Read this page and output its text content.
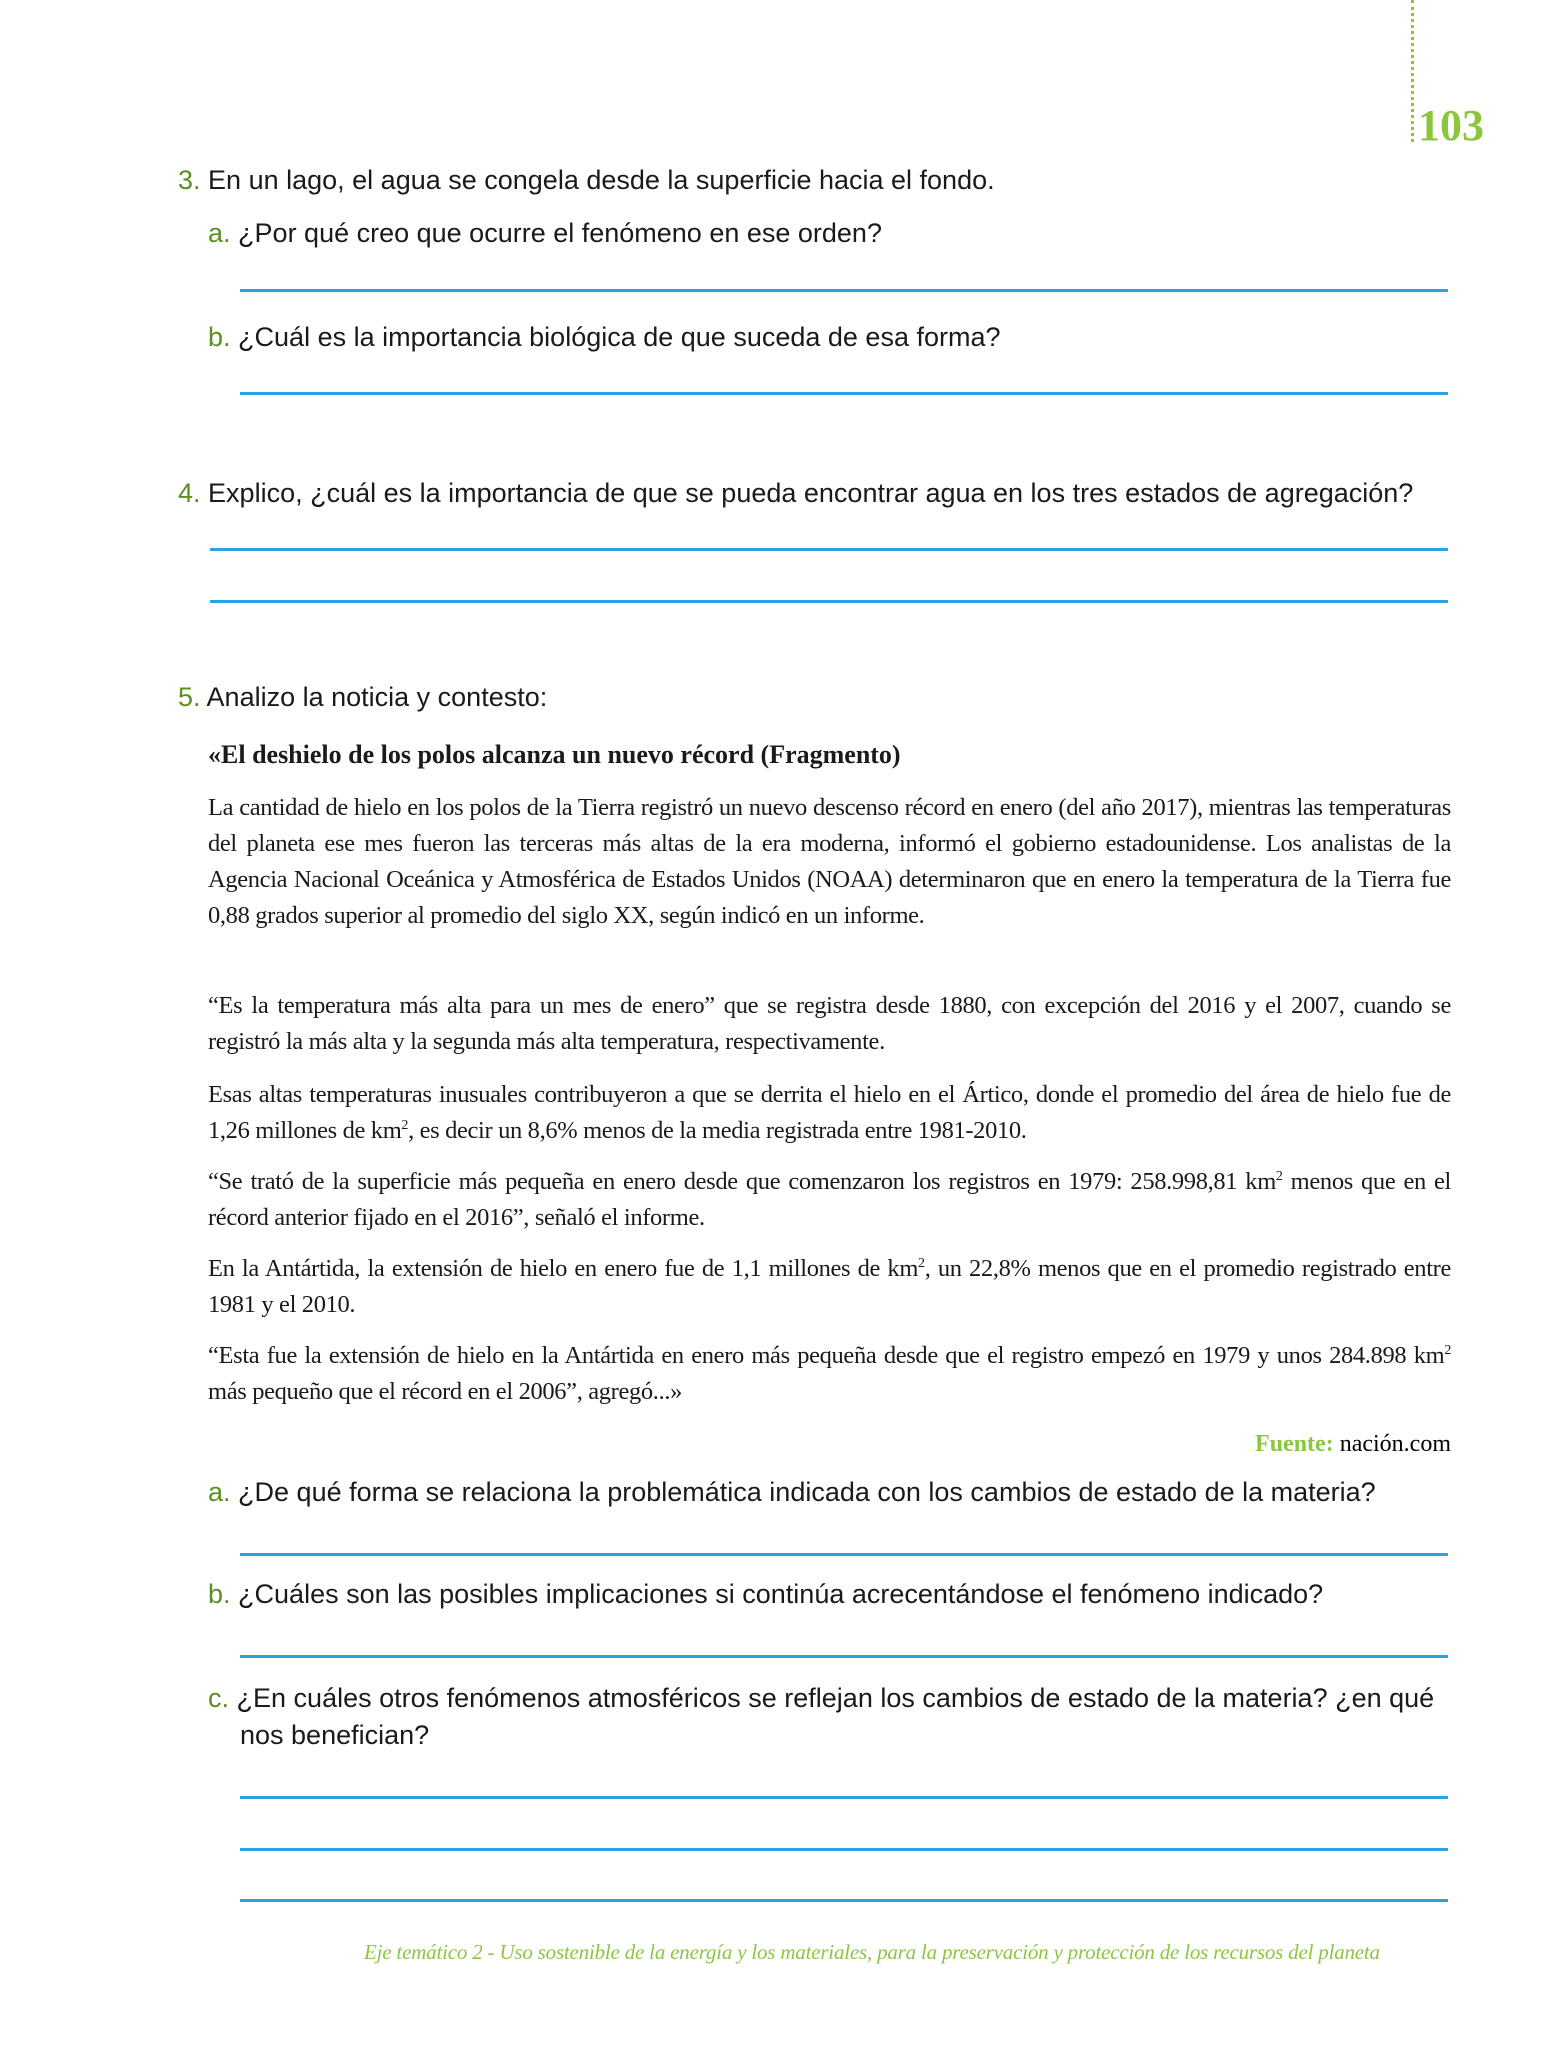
103
3. En un lago, el agua se congela desde la superficie hacia el fondo.
a. ¿Por qué creo que ocurre el fenómeno en ese orden?
b. ¿Cuál es la importancia biológica de que suceda de esa forma?
4. Explico, ¿cuál es la importancia de que se pueda encontrar agua en los tres estados de agregación?
5. Analizo la noticia y contesto:
«El deshielo de los polos alcanza un nuevo récord (Fragmento)
La cantidad de hielo en los polos de la Tierra registró un nuevo descenso récord en enero (del año 2017), mientras las temperaturas del planeta ese mes fueron las terceras más altas de la era moderna, informó el gobierno estadounidense. Los analistas de la Agencia Nacional Oceánica y Atmosférica de Estados Unidos (NOAA) determinaron que en enero la temperatura de la Tierra fue 0,88 grados superior al promedio del siglo XX, según indicó en un informe.
“Es la temperatura más alta para un mes de enero” que se registra desde 1880, con excepción del 2016 y el 2007, cuando se registró la más alta y la segunda más alta temperatura, respectivamente.
Esas altas temperaturas inusuales contribuyeron a que se derrita el hielo en el Ártico, donde el promedio del área de hielo fue de 1,26 millones de $km^2$, es decir un 8,6% menos de la media registrada entre 1981-2010.
“Se trató de la superficie más pequeña en enero desde que comenzaron los registros en 1979: 258.998,81 $km^2$ menos que en el récord anterior fijado en el 2016”, señaló el informe.
En la Antártida, la extensión de hielo en enero fue de 1,1 millones de $km^2$, un 22,8% menos que en el promedio registrado entre 1981 y el 2010.
“Esta fue la extensión de hielo en la Antártida en enero más pequeña desde que el registro empezó en 1979 y unos 284.898 $km^2$ más pequeño que el récord en el 2006”, agregó...»
Fuente: nación.com
a. ¿De qué forma se relaciona la problemática indicada con los cambios de estado de la materia?
b. ¿Cuáles son las posibles implicaciones si continúa acrecentándose el fenómeno indicado?
c. ¿En cuáles otros fenómenos atmosféricos se reflejan los cambios de estado de la materia? ¿en qué
nos benefician?
Eje temático 2 - Uso sostenible de la energía y los materiales, para la preservación y protección de los recursos del planeta
